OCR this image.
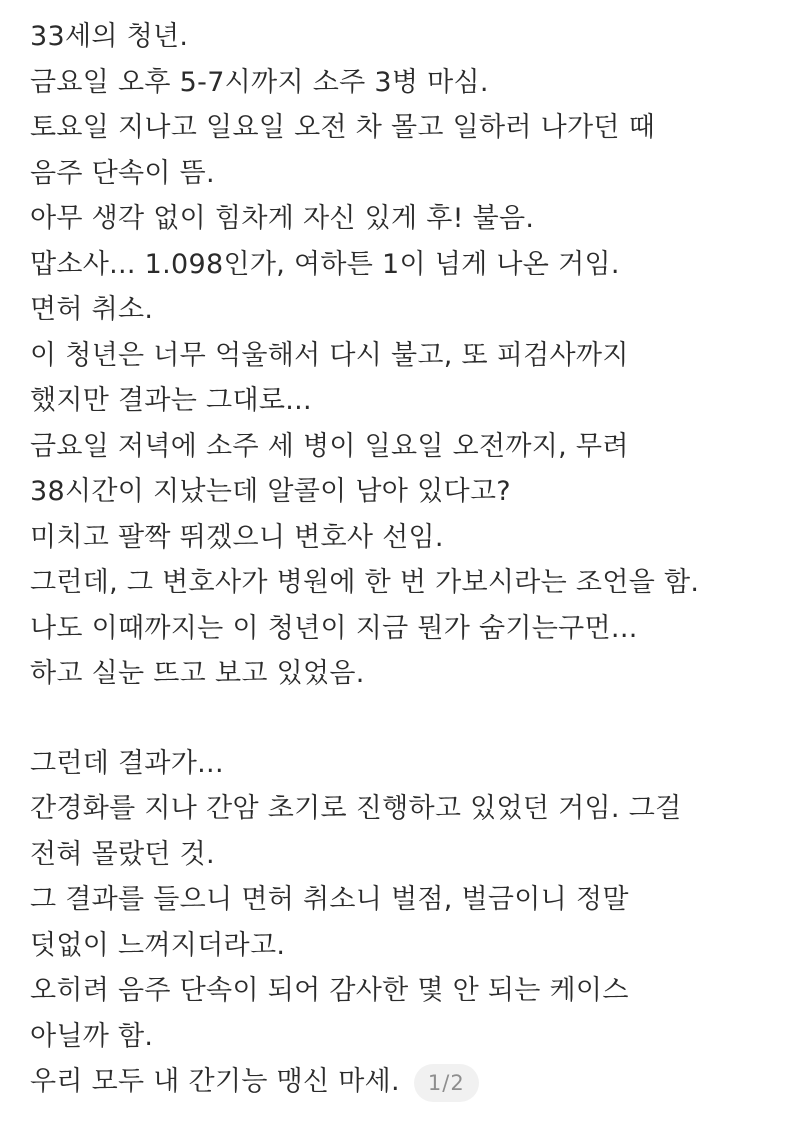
33세의 청년.
금요일 오후 5-7시까지 소주 3병 마심.
토요일 지나고 일요일 오전 차 몰고 일하러 나가던 때
음주 단속이 뜸.
아무 생각 없이 힘차게 자신 있게 후! 불음.
맙소사... 1.098인가, 여하튼 1이 넘게 나온 거임.
면허 취소.
이 청년은 너무 억울해서 다시 불고, 또 피검사까지
했지만 결과는 그대로...
금요일 저녁에 소주 세 병이 일요일 오전까지, 무려
38시간이 지났는데 알콜이 남아 있다고?
미치고 팔짝 뛰겠으니 변호사 선임.
그런데, 그 변호사가 병원에 한 번 가보시라는 조언을 함.
나도 이때까지는 이 청년이 지금 뭔가 숨기는구먼...
하고 실눈 뜨고 보고 있었음.
그런데 결과가...
간경화를 지나 간암 초기로 진행하고 있었던 거임. 그걸
전혀 몰랐던 것.
그 결과를 들으니 면허 취소니 벌점, 벌금이니 정말
덧없이 느껴지더라고.
오히려 음주 단속이 되어 감사한 몇 안 되는 케이스
아닐까 함.
우리 모두 내 간기능 맹신 마세. 1/2
